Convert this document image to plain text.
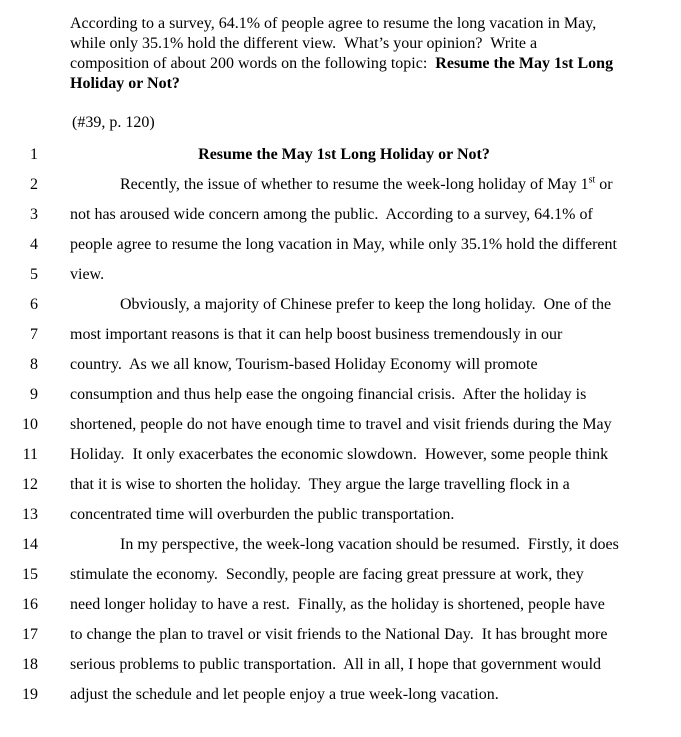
According to a survey, 64.1% of people agree to resume the long vacation in May,
while only 35.1% hold the different view.  What’s your opinion?  Write a
composition of about 200 words on the following topic:  Resume the May 1st Long
Holiday or Not?
(#39, p. 120)
1	Resume the May 1st Long Holiday or Not?
2	Recently, the issue of whether to resume the week-long holiday of May 1st or
3 not has aroused wide concern among the public.  According to a survey, 64.1% of
4 people agree to resume the long vacation in May, while only 35.1% hold the different
5 view.
6	Obviously, a majority of Chinese prefer to keep the long holiday.  One of the
7 most important reasons is that it can help boost business tremendously in our
8 country.  As we all know, Tourism-based Holiday Economy will promote
9 consumption and thus help ease the ongoing financial crisis.  After the holiday is
10 shortened, people do not have enough time to travel and visit friends during the May
11 Holiday.  It only exacerbates the economic slowdown.  However, some people think
12 that it is wise to shorten the holiday.  They argue the large travelling flock in a
13 concentrated time will overburden the public transportation.
14	In my perspective, the week-long vacation should be resumed.  Firstly, it does
15 stimulate the economy.  Secondly, people are facing great pressure at work, they
16 need longer holiday to have a rest.  Finally, as the holiday is shortened, people have
17 to change the plan to travel or visit friends to the National Day.  It has brought more
18 serious problems to public transportation.  All in all, I hope that government would
19 adjust the schedule and let people enjoy a true week-long vacation.
